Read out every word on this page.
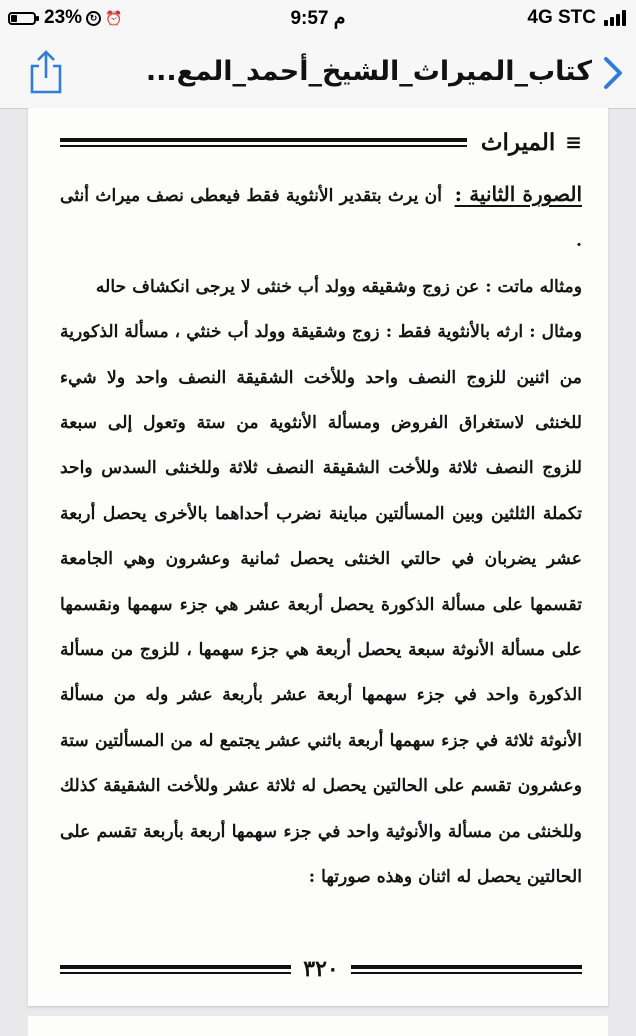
23% ↻ ⏰	9:57 م	4G STC
كتاب_الميراث_الشيخ_أحمد_المع...
≡
الميراث

الصورة الثانية :  أن يرث بتقدير الأنثوية فقط فيعطى نصف ميراث أنثى .

ومثاله ماتت : عن زوج وشقيقه وولد أب خنثى لا يرجى انكشاف حاله

ومثال : ارثه بالأنثوية فقط : زوج وشقيقة وولد أب خنثي ، مسألة الذكورية من اثنين للزوج النصف واحد وللأخت الشقيقة النصف واحد ولا شيء للخنثى لاستغراق الفروض ومسألة الأنثوية من ستة وتعول إلى سبعة للزوج النصف ثلاثة وللأخت الشقيقة النصف ثلاثة وللخنثى السدس واحد تكملة الثلثين وبين المسألتين مباينة نضرب أحداهما بالأخرى يحصل أربعة عشر يضربان في حالتي الخنثى يحصل ثمانية وعشرون وهي الجامعة تقسمها على مسألة الذكورة يحصل أربعة عشر هي جزء سهمها ونقسمها على مسألة الأنوثة سبعة يحصل أربعة هي جزء سهمها ، للزوج من مسألة الذكورة واحد في جزء سهمها أربعة عشر بأربعة عشر وله من مسألة الأنوثة ثلاثة في جزء سهمها أربعة باثني عشر يجتمع له من المسألتين ستة وعشرون تقسم على الحالتين يحصل له ثلاثة عشر وللأخت الشقيقة كذلك وللخنثى من مسألة والأنوثية واحد في جزء سهمها أربعة بأربعة تقسم على الحالتين يحصل له اثنان وهذه صورتها :

٣٢٠
